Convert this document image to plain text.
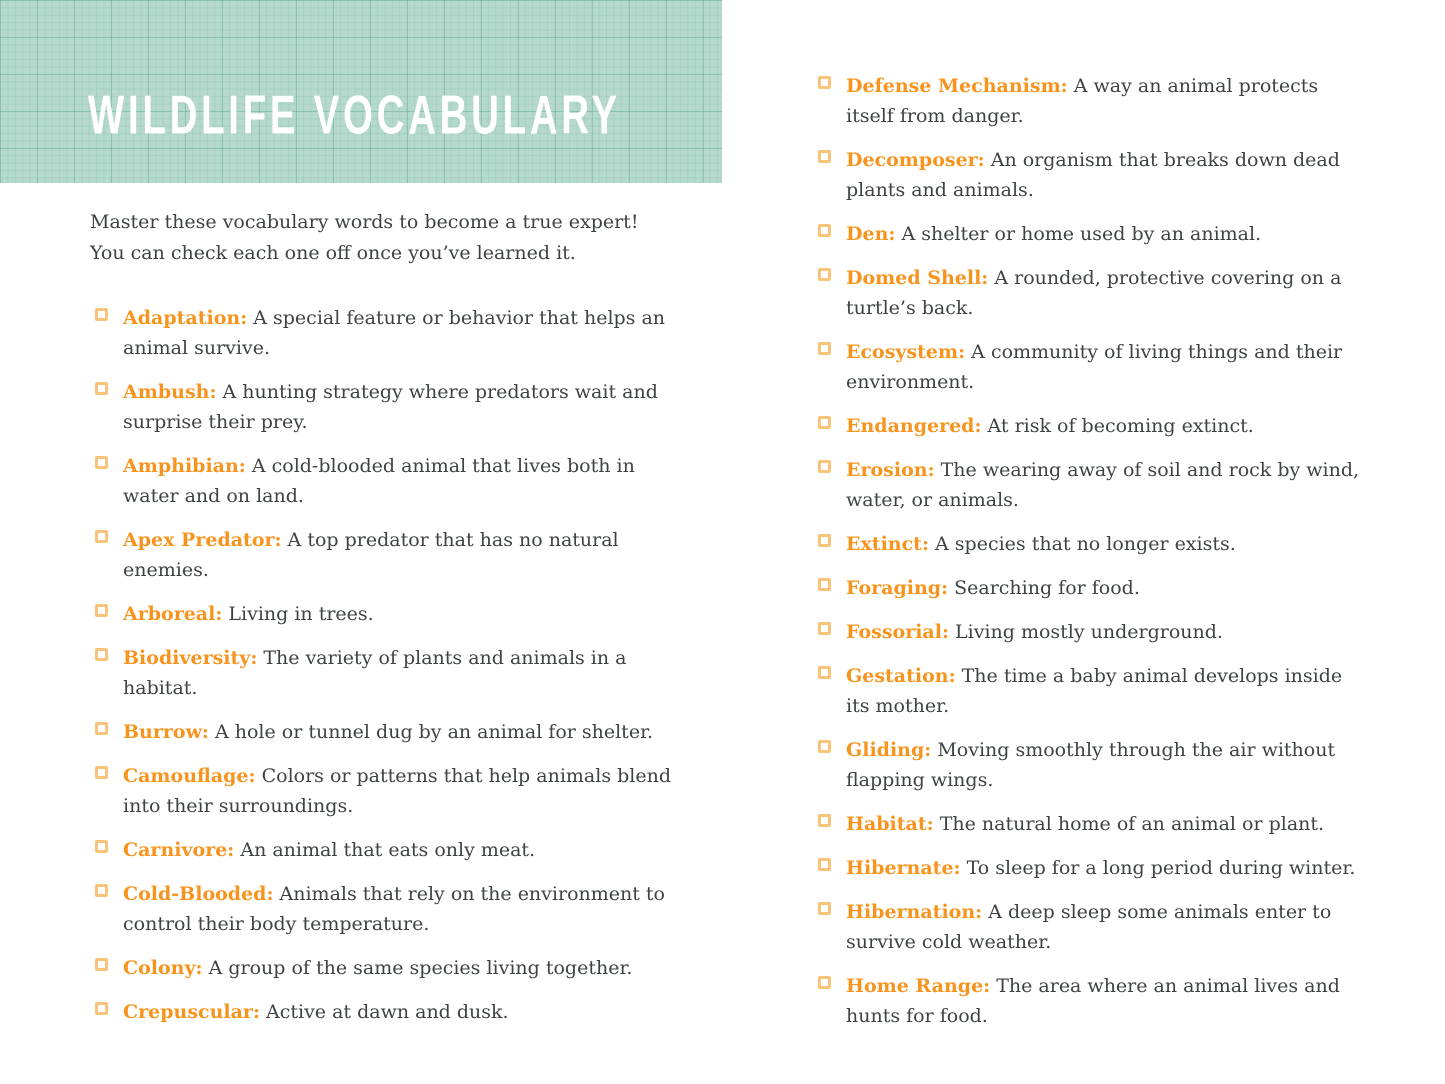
WILDLIFE VOCABULARY

Master these vocabulary words to become a true expert! You can check each one off once you’ve learned it.

Adaptation: A special feature or behavior that helps an animal survive.

Ambush: A hunting strategy where predators wait and surprise their prey.

Amphibian: A cold-blooded animal that lives both in water and on land.

Apex Predator: A top predator that has no natural enemies.

Arboreal: Living in trees.

Biodiversity: The variety of plants and animals in a habitat.

Burrow: A hole or tunnel dug by an animal for shelter.

Camouflage: Colors or patterns that help animals blend into their surroundings.

Carnivore: An animal that eats only meat.

Cold-Blooded: Animals that rely on the environment to control their body temperature.

Colony: A group of the same species living together.

Crepuscular: Active at dawn and dusk.

Defense Mechanism: A way an animal protects itself from danger.

Decomposer: An organism that breaks down dead plants and animals.

Den: A shelter or home used by an animal.

Domed Shell: A rounded, protective covering on a turtle’s back.

Ecosystem: A community of living things and their environment.

Endangered: At risk of becoming extinct.

Erosion: The wearing away of soil and rock by wind, water, or animals.

Extinct: A species that no longer exists.

Foraging: Searching for food.

Fossorial: Living mostly underground.

Gestation: The time a baby animal develops inside its mother.

Gliding: Moving smoothly through the air without flapping wings.

Habitat: The natural home of an animal or plant.

Hibernate: To sleep for a long period during winter.

Hibernation: A deep sleep some animals enter to survive cold weather.

Home Range: The area where an animal lives and hunts for food.
